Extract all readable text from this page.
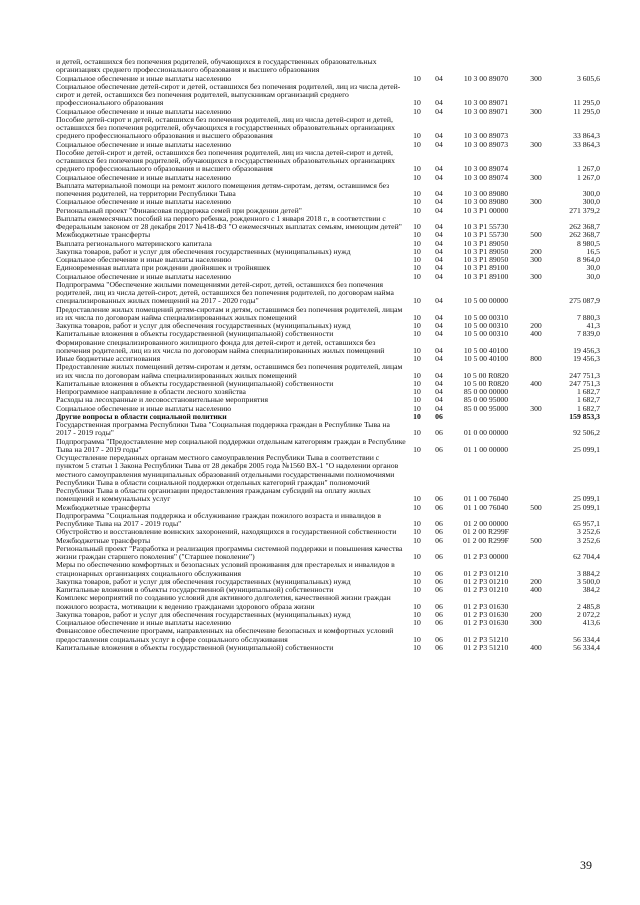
и детей, оставшихся без попечения родителей, обучающихся в государственных образовательных организациях среднего профессионального образования и высшего образования					
Социальное обеспечение и иные выплаты населению	10	04	10 3 00 89070	300	3 605,6
Социальное обеспечение детей-сирот и детей, оставшихся без попечения родителей, лиц из числа детей-сирот и детей, оставшихся без попечения родителей, выпускникам организаций среднего профессионального образования	10	04	10 3 00 89071		11 295,0
Социальное обеспечение и иные выплаты населению	10	04	10 3 00 89071	300	11 295,0
Пособие детей-сирот и детей, оставшихся без попечения родителей, лиц из числа детей-сирот и детей, оставшихся без попечения родителей, обучающихся в государственных образовательных организациях среднего профессионального образования и высшего образования	10	04	10 3 00 89073		33 864,3
Социальное обеспечение и иные выплаты населению	10	04	10 3 00 89073	300	33 864,3
Пособие детей-сирот и детей, оставшихся без попечения родителей, лиц из числа детей-сирот и детей, оставшихся без попечения родителей, обучающихся в государственных образовательных организациях среднего профессионального образования и высшего образования	10	04	10 3 00 89074		1 267,0
Социальное обеспечение и иные выплаты населению	10	04	10 3 00 89074	300	1 267,0
Выплата материальной помощи на ремонт жилого помещения детям-сиротам, детям, оставшимся без попечения родителей, на территории Республики Тыва	10	04	10 3 00 89080		300,0
Социальное обеспечение и иные выплаты населению	10	04	10 3 00 89080	300	300,0
Региональный проект "Финансовая поддержка семей при рождении детей"	10	04	10 3 P1 00000		271 379,2
Выплаты ежемесячных пособий на первого ребенка, рожденного с 1 января 2018 г., в соответствии с Федеральным законом от 28 декабря 2017 №418-ФЗ "О ежемесячных выплатах семьям, имеющим детей"	10	04	10 3 P1 55730		262 368,7
Межбюджетные трансферты	10	04	10 3 P1 55730	500	262 368,7
Выплата регионального материнского капитала	10	04	10 3 P1 89050		8 980,5
Закупка товаров, работ и услуг для обеспечения государственных (муниципальных) нужд	10	04	10 3 P1 89050	200	16,5
Социальное обеспечение и иные выплаты населению	10	04	10 3 P1 89050	300	8 964,0
Единовременная выплата при рождении двойняшек и тройняшек	10	04	10 3 P1 89100		30,0
Социальное обеспечение и иные выплаты населению	10	04	10 3 P1 89100	300	30,0
Подпрограмма "Обеспечение жилыми помещениями детей-сирот, детей, оставшихся без попечения родителей, лиц из числа детей-сирот, детей, оставшихся без попечения родителей, по договорам найма специализированных жилых помещений на 2017 - 2020 годы"	10	04	10 5 00 00000		275 087,9
Предоставление жилых помещений детям-сиротам и детям, оставшимся без попечения родителей, лицам из их числа по договорам найма специализированных жилых помещений	10	04	10 5 00 00310		7 880,3
Закупка товаров, работ и услуг для обеспечения государственных (муниципальных) нужд	10	04	10 5 00 00310	200	41,3
Капитальные вложения в объекты государственной (муниципальной) собственности	10	04	10 5 00 00310	400	7 839,0
Формирование специализированного жилищного фонда для детей-сирот и детей, оставшихся без попечения родителей, лиц из их числа по договорам найма специализированных жилых помещений	10	04	10 5 00 40100		19 456,3
Иные бюджетные ассигнования	10	04	10 5 00 40100	800	19 456,3
Предоставление жилых помещений детям-сиротам и детям, оставшимся без попечения родителей, лицам из их числа по договорам найма специализированных жилых помещений	10	04	10 5 00 R0820		247 751,3
Капитальные вложения в объекты государственной (муниципальной) собственности	10	04	10 5 00 R0820	400	247 751,3
Непрограммное направление в области лесного хозяйства	10	04	85 0 00 00000		1 682,7
Расходы на лесохранные и лесовосстановительные мероприятия	10	04	85 0 00 95000		1 682,7
Социальное обеспечение и иные выплаты населению	10	04	85 0 00 95000	300	1 682,7
Другие вопросы в области социальной политики	10	06			159 853,3
Государственная программа Республики Тыва "Социальная поддержка граждан в Республике Тыва на 2017 - 2019 годы"	10	06	01 0 00 00000		92 506,2
Подпрограмма "Предоставление мер социальной поддержки отдельным категориям граждан в Республике Тыва на 2017 - 2019 годы"	10	06	01 1 00 00000		25 099,1
Осуществление переданных органам местного самоуправления Республики Тыва в соответствии с пунктом 5 статьи 1 Закона Республики Тыва от 28 декабря 2005 года №1560 ВХ-1 "О наделении органов местного самоуправления муниципальных образований отдельными государственными полномочиями Республики Тыва в области социальной поддержки отдельных категорий граждан" полномочий Республики Тыва в области организации предоставления гражданам субсидий на оплату жилых помещений и коммунальных услуг	10	06	01 1 00 76040		25 099,1
Межбюджетные трансферты	10	06	01 1 00 76040	500	25 099,1
Подпрограмма "Социальная поддержка и обслуживание граждан пожилого возраста и инвалидов в Республике Тыва на 2017 - 2019 годы"	10	06	01 2 00 00000		65 957,1
Обустройство и восстановление воинских захоронений, находящихся в государственной собственности	10	06	01 2 00 R299F		3 252,6
Межбюджетные трансферты	10	06	01 2 00 R299F	500	3 252,6
Региональный проект "Разработка и реализация программы системной поддержки и повышения качества жизни граждан старшего поколения" ("Старшее поколение")	10	06	01 2 P3 00000		62 704,4
Меры по обеспечению комфортных и безопасных условий проживания для престарелых и инвалидов в стационарных организациях социального обслуживания	10	06	01 2 P3 01210		3 884,2
Закупка товаров, работ и услуг для обеспечения государственных (муниципальных) нужд	10	06	01 2 P3 01210	200	3 500,0
Капитальные вложения в объекты государственной (муниципальной) собственности	10	06	01 2 P3 01210	400	384,2
Комплекс мероприятий по созданию условий для активного долголетия, качественной жизни граждан пожилого возраста, мотивации к ведению гражданами здорового образа жизни	10	06	01 2 P3 01630		2 485,8
Закупка товаров, работ и услуг для обеспечения государственных (муниципальных) нужд	10	06	01 2 P3 01630	200	2 072,2
Социальное обеспечение и иные выплаты населению	10	06	01 2 P3 01630	300	413,6
Финансовое обеспечение программ, направленных на обеспечение безопасных и комфортных условий предоставления социальных услуг в сфере социального обслуживания	10	06	01 2 P3 51210		56 334,4
Капитальные вложения в объекты государственной (муниципальной) собственности	10	06	01 2 P3 51210	400	56 334,4
39
